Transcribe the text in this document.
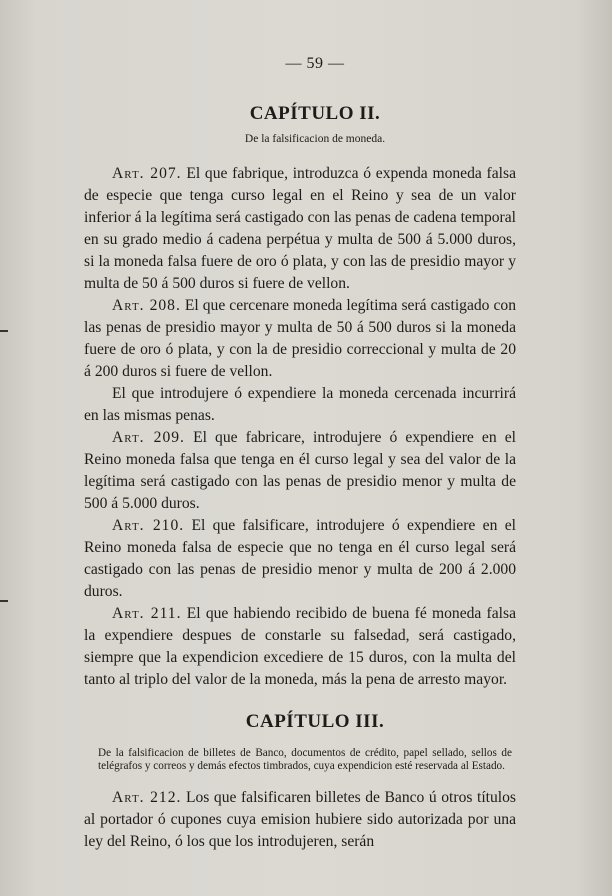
— 59 —
CAPÍTULO II.
De la falsificacion de moneda.

Art. 207. El que fabrique, introduzca ó expenda moneda falsa de especie que tenga curso legal en el Reino y sea de un valor inferior á la legítima será castigado con las penas de cadena temporal en su grado medio á cadena perpétua y multa de 500 á 5.000 duros, si la moneda falsa fuere de oro ó plata, y con las de presidio mayor y multa de 50 á 500 duros si fuere de vellon.

Art. 208. El que cercenare moneda legítima será castigado con las penas de presidio mayor y multa de 50 á 500 duros si la moneda fuere de oro ó plata, y con la de presidio correccional y multa de 20 á 200 duros si fuere de vellon.

El que introdujere ó expendiere la moneda cercenada incurrirá en las mismas penas.

Art. 209. El que fabricare, introdujere ó expendiere en el Reino moneda falsa que tenga en él curso legal y sea del valor de la legítima será castigado con las penas de presidio menor y multa de 500 á 5.000 duros.

Art. 210. El que falsificare, introdujere ó expendiere en el Reino moneda falsa de especie que no tenga en él curso legal será castigado con las penas de presidio menor y multa de 200 á 2.000 duros.

Art. 211. El que habiendo recibido de buena fé moneda falsa la expendiere despues de constarle su falsedad, será castigado, siempre que la expendicion excediere de 15 duros, con la multa del tanto al triplo del valor de la moneda, más la pena de arresto mayor.

CAPÍTULO III.
De la falsificacion de billetes de Banco, documentos de crédito, papel sellado, sellos de telégrafos y correos y demás efectos timbrados, cuya expendicion esté reservada al Estado.

Art. 212. Los que falsificaren billetes de Banco ú otros títulos al portador ó cupones cuya emision hubiere sido autorizada por una ley del Reino, ó los que los introdujeren, serán
